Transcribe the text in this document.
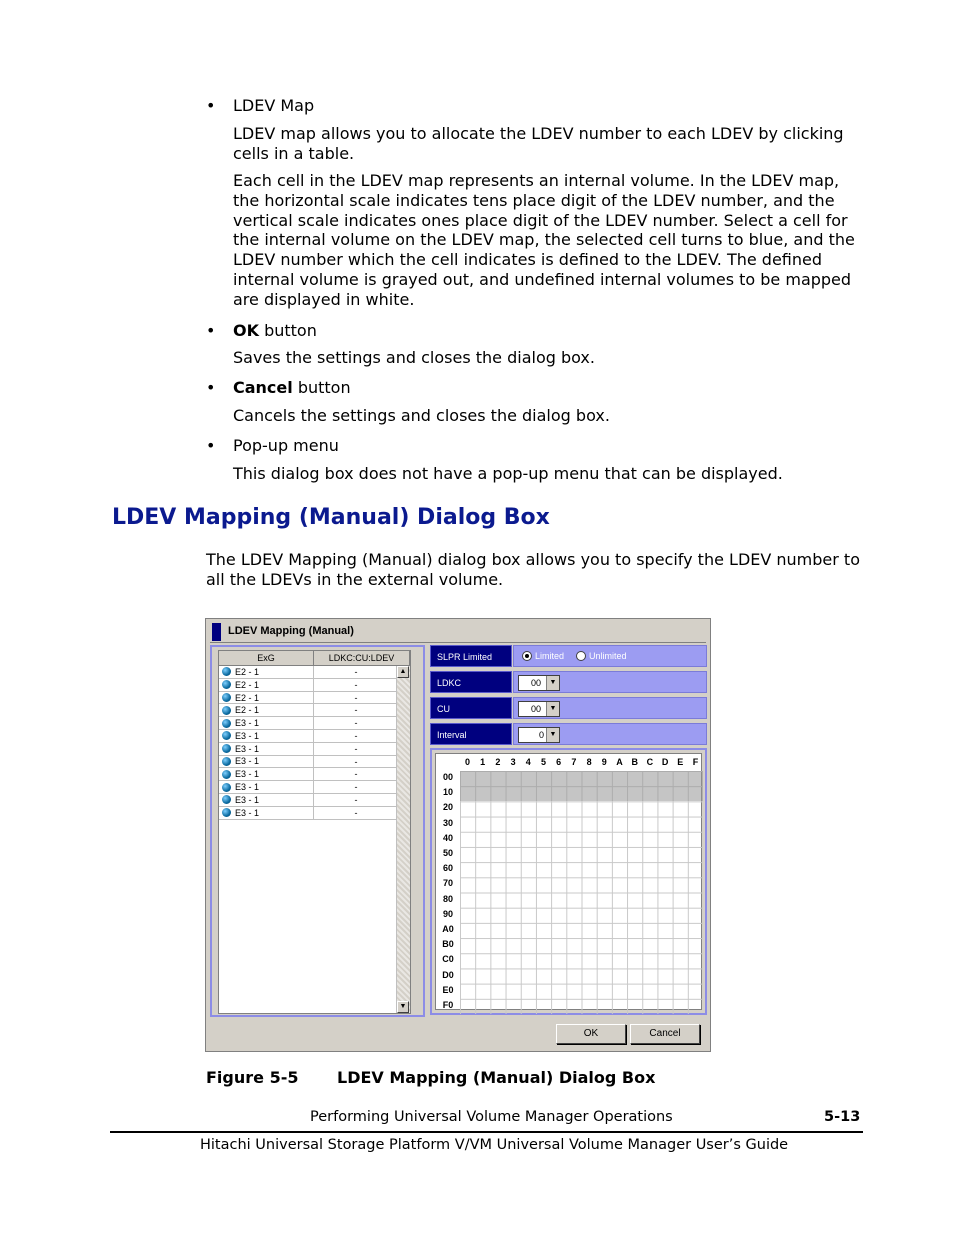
• LDEV Map
LDEV map allows you to allocate the LDEV number to each LDEV by clicking cells in a table.
Each cell in the LDEV map represents an internal volume. In the LDEV map, the horizontal scale indicates tens place digit of the LDEV number, and the vertical scale indicates ones place digit of the LDEV number. Select a cell for the internal volume on the LDEV map, the selected cell turns to blue, and the LDEV number which the cell indicates is defined to the LDEV. The defined internal volume is grayed out, and undefined internal volumes to be mapped are displayed in white.
• OK button
Saves the settings and closes the dialog box.
• Cancel button
Cancels the settings and closes the dialog box.
• Pop-up menu
This dialog box does not have a pop-up menu that can be displayed.
LDEV Mapping (Manual) Dialog Box
The LDEV Mapping (Manual) dialog box allows you to specify the LDEV number to all the LDEVs in the external volume.
LDEV Mapping (Manual)
ExG	LDKC:CU:LDEV
E2 - 1	-
E2 - 1	-
E2 - 1	-
E2 - 1	-
E3 - 1	-
E3 - 1	-
E3 - 1	-
E3 - 1	-
E3 - 1	-
E3 - 1	-
E3 - 1	-
E3 - 1	-
▲
▼
SLPR Limited	Limited	Unlimited
LDKC	00	▼
CU	00	▼
Interval	0 ▼
0	1	2	3	4	5	6	7	8	9	A B C D E	F
00
10
20
30
40
50
60
70
80
90
A0
B0
C0
D0
E0
F0
OK	Cancel
Figure 5-5 LDEV Mapping (Manual) Dialog Box
Performing Universal Volume Manager Operations	5-13
Hitachi Universal Storage Platform V/VM Universal Volume Manager User’s Guide
